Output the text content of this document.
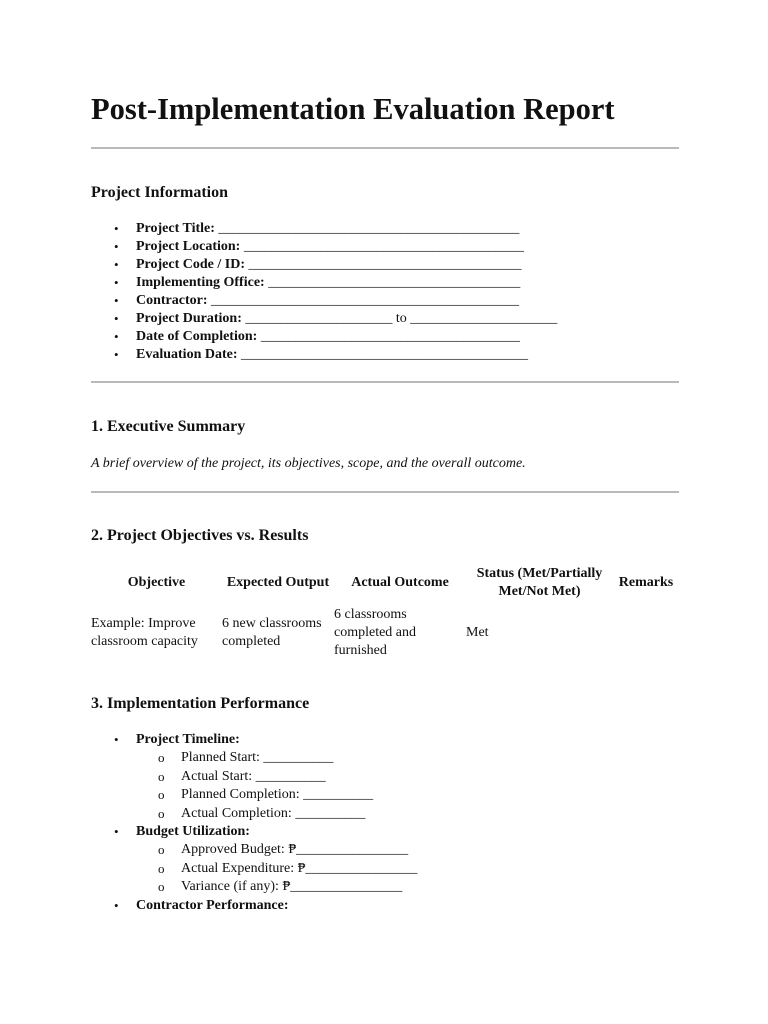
Post-Implementation Evaluation Report
Project Information
• Project Title: ___________________________________________
• Project Location: ________________________________________
• Project Code / ID: _______________________________________
• Implementing Office: ____________________________________
• Contractor: ____________________________________________
• Project Duration: _____________________ to _____________________
• Date of Completion: _____________________________________
• Evaluation Date: _________________________________________
1. Executive Summary

A brief overview of the project, its objectives, scope, and the overall outcome.

2. Project Objectives vs. Results
Objective	Expected Output	Actual Outcome	Status (Met/Partially Met/Not Met)	Remarks
Example: Improve classroom capacity	6 new classrooms completed	6 classrooms completed and furnished	Met	
3. Implementation Performance
• Project Timeline:
o Planned Start: __________
o Actual Start: __________
o Planned Completion: __________
o Actual Completion: __________
• Budget Utilization:
o Approved Budget: ₱________________
o Actual Expenditure: ₱________________
o Variance (if any): ₱________________
• Contractor Performance:
